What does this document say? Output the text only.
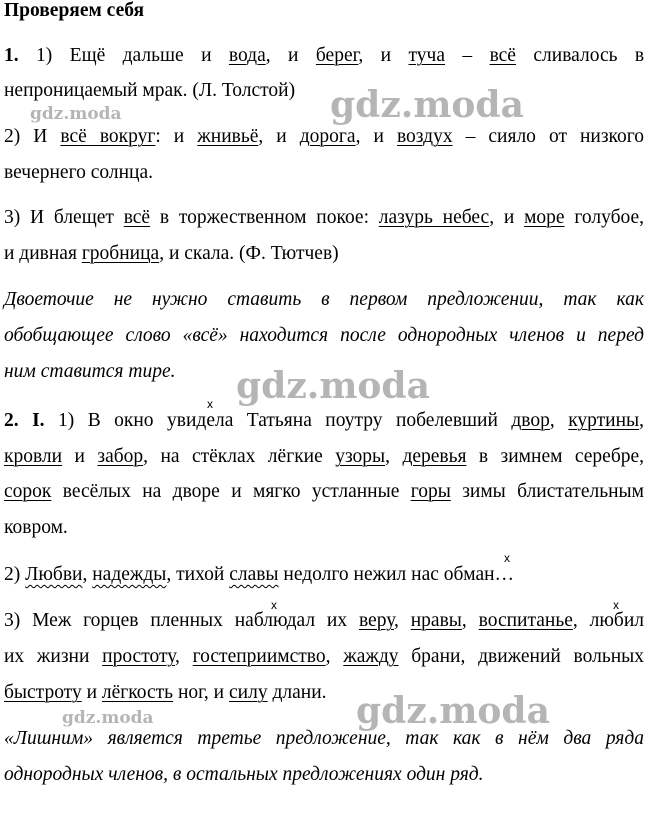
Проверяем себя
1. 1) Ещё дальше и вода, и берег, и туча – всё сливалось в
непроницаемый мрак. (Л. Толстой)
2) И всё вокруг: и жнивьё, и дорога, и воздух – сияло от низкого
вечернего солнца.
3) И блещет всё в торжественном покое: лазурь небес, и море голубое,
и дивная гробница, и скала. (Ф. Тютчев)
Двоеточие не нужно ставить в первом предложении, так как
обобщающее слово «всё» находится после однородных членов и перед
ним ставится тире.
x
2. I. 1) В окно увидела Татьяна поутру побелевший двор, куртины,
кровли и забор, на стёклах лёгкие узоры, деревья в зимнем серебре,
сорок весёлых на дворе и мягко устланные горы зимы блистательным
ковром.
x
2) Любви, надежды, тихой славы недолго нежил нас обман…
x	x
3) Меж горцев пленных наблюдал их веру, нравы, воспитанье, любил
их жизни простоту, гостеприимство, жажду брани, движений вольных
быстроту и лёгкость ног, и силу длани.
«Лишним» является третье предложение, так как в нём два ряда
однородных членов, в остальных предложениях один ряд.
gdz.moda	gdz.moda
gdz.moda
gdz.moda	gdz.moda
